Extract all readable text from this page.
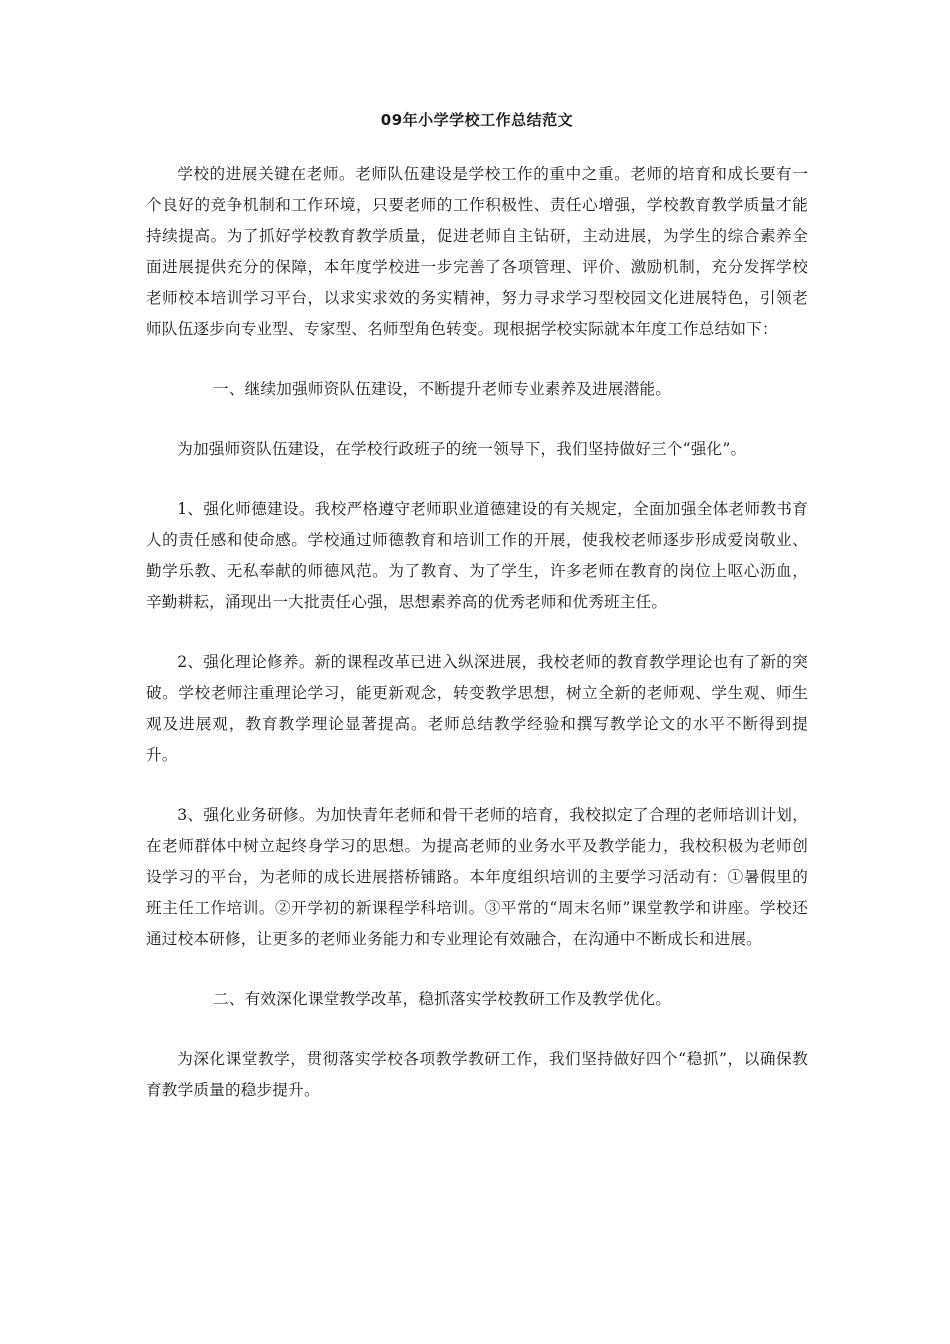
09年小学学校工作总结范文

学校的进展关键在老师。老师队伍建设是学校工作的重中之重。老师的培育和成长要有一个良好的竞争机制和工作环境，只要老师的工作积极性、责任心增强，学校教育教学质量才能持续提高。为了抓好学校教育教学质量，促进老师自主钻研，主动进展，为学生的综合素养全面进展提供充分的保障，本年度学校进一步完善了各项管理、评价、激励机制，充分发挥学校老师校本培训学习平台，以求实求效的务实精神，努力寻求学习型校园文化进展特色，引领老师队伍逐步向专业型、专家型、名师型角色转变。现根据学校实际就本年度工作总结如下：

一、继续加强师资队伍建设，不断提升老师专业素养及进展潜能。

为加强师资队伍建设，在学校行政班子的统一领导下，我们坚持做好三个“强化”。

1、强化师德建设。我校严格遵守老师职业道德建设的有关规定，全面加强全体老师教书育人的责任感和使命感。学校通过师德教育和培训工作的开展，使我校老师逐步形成爱岗敬业、勤学乐教、无私奉献的师德风范。为了教育、为了学生，许多老师在教育的岗位上呕心沥血，辛勤耕耘，涌现出一大批责任心强，思想素养高的优秀老师和优秀班主任。

2、强化理论修养。新的课程改革已进入纵深进展，我校老师的教育教学理论也有了新的突破。学校老师注重理论学习，能更新观念，转变教学思想，树立全新的老师观、学生观、师生观及进展观，教育教学理论显著提高。老师总结教学经验和撰写教学论文的水平不断得到提升。

3、强化业务研修。为加快青年老师和骨干老师的培育，我校拟定了合理的老师培训计划，在老师群体中树立起终身学习的思想。为提高老师的业务水平及教学能力，我校积极为老师创设学习的平台，为老师的成长进展搭桥铺路。本年度组织培训的主要学习活动有：①暑假里的班主任工作培训。②开学初的新课程学科培训。③平常的“周末名师”课堂教学和讲座。学校还通过校本研修，让更多的老师业务能力和专业理论有效融合，在沟通中不断成长和进展。

二、有效深化课堂教学改革，稳抓落实学校教研工作及教学优化。

为深化课堂教学，贯彻落实学校各项教学教研工作，我们坚持做好四个“稳抓”，以确保教育教学质量的稳步提升。
